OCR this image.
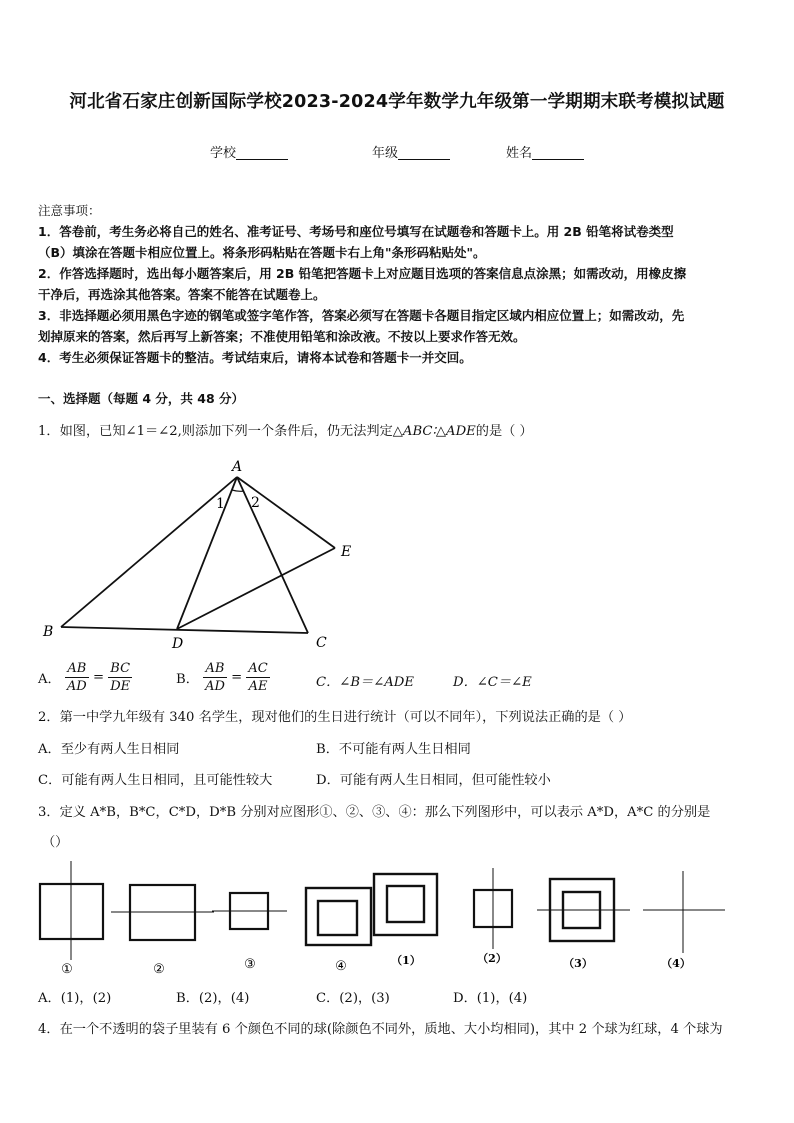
河北省石家庄创新国际学校2023-2024学年数学九年级第一学期期末联考模拟试题
学校	年级	姓名
注意事项：
1．答卷前，考生务必将自己的姓名、准考证号、考场号和座位号填写在试题卷和答题卡上。用 2B 铅笔将试卷类型
（B）填涂在答题卡相应位置上。将条形码粘贴在答题卡右上角"条形码粘贴处"。
2．作答选择题时，选出每小题答案后，用 2B 铅笔把答题卡上对应题目选项的答案信息点涂黑；如需改动，用橡皮擦
干净后，再选涂其他答案。答案不能答在试题卷上。
3．非选择题必须用黑色字迹的钢笔或签字笔作答，答案必须写在答题卡各题目指定区域内相应位置上；如需改动，先
划掉原来的答案，然后再写上新答案；不准使用铅笔和涂改液。不按以上要求作答无效。
4．考生必须保证答题卡的整洁。考试结束后，请将本试卷和答题卡一并交回。
一、选择题（每题 4 分，共 48 分）
1．如图，已知∠1＝∠2,则添加下列一个条件后，仍无法判定△ABC∶△ADE的是（ ）
A
B
D	C
E
1 2
A． $\frac{AB}{AD} = \frac{BC}{DE}$	B． $\frac{AB}{AD} = \frac{AC}{AE}$	C．∠B＝∠ADE	D．∠C＝∠E
2．第一中学九年级有 340 名学生，现对他们的生日进行统计（可以不同年），下列说法正确的是（ ）
A．至少有两人生日相同	B．不可能有两人生日相同
C．可能有两人生日相同，且可能性较大	D．可能有两人生日相同，但可能性较小
3．定义 A*B，B*C，C*D，D*B 分别对应图形①、②、③、④：那么下列图形中，可以表示 A*D，A*C 的分别是
（）
①	②	③	④	（1）	（2）	（3）	（4）
A．(1)，(2)	B．(2)，(4)	C．(2)，(3)	D．(1)，(4)
4．在一个不透明的袋子里装有 6 个颜色不同的球(除颜色不同外，质地、大小均相同)，其中 2 个球为红球，4 个球为
